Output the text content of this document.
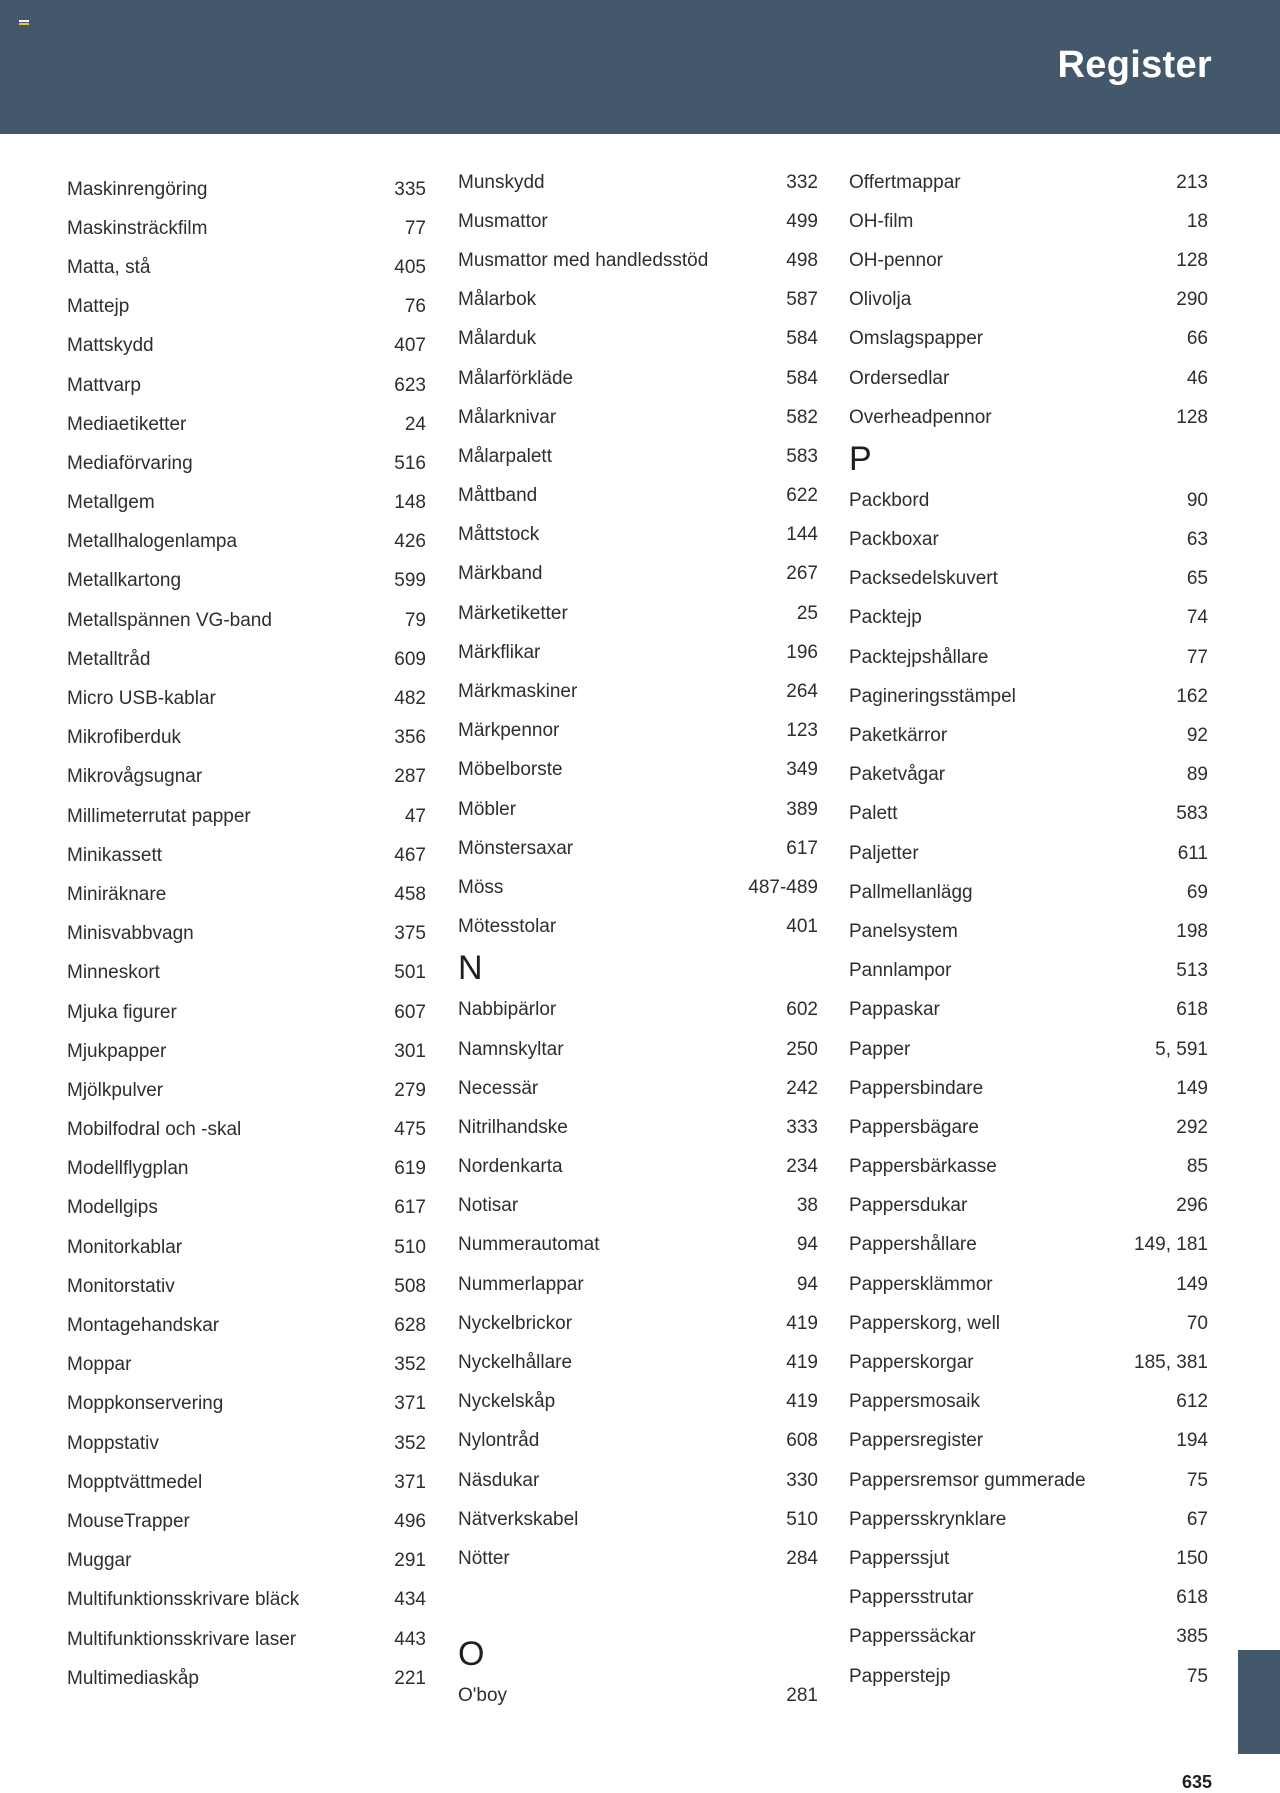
Register
Maskinrengöring	335
Maskinsträckfilm	77
Matta, stå	405
Mattejp	76
Mattskydd	407
Mattvarp	623
Mediaetiketter	24
Mediaförvaring	516
Metallgem	148
Metallhalogenlampa	426
Metallkartong	599
Metallspännen VG-band	79
Metalltråd	609
Micro USB-kablar	482
Mikrofiberduk	356
Mikrovågsugnar	287
Millimeterrutat papper	47
Minikassett	467
Miniräknare	458
Minisvabbvagn	375
Minneskort	501
Mjuka figurer	607
Mjukpapper	301
Mjölkpulver	279
Mobilfodral och -skal	475
Modellflygplan	619
Modellgips	617
Monitorkablar	510
Monitorstativ	508
Montagehandskar	628
Moppar	352
Moppkonservering	371
Moppstativ	352
Mopptvättmedel	371
MouseTrapper	496
Muggar	291
Multifunktionsskrivare bläck	434
Multifunktionsskrivare laser	443
Multimediaskåp	221
Munskydd	332
Musmattor	499
Musmattor med handledsstöd	498
Målarbok	587
Målarduk	584
Målarförkläde	584
Målarknivar	582
Målarpalett	583
Måttband	622
Måttstock	144
Märkband	267
Märketiketter	25
Märkflikar	196
Märkmaskiner	264
Märkpennor	123
Möbelborste	349
Möbler	389
Mönstersaxar	617
Möss	487-489
Mötesstolar	401
N
Nabbipärlor	602
Namnskyltar	250
Necessär	242
Nitrilhandske	333
Nordenkarta	234
Notisar	38
Nummerautomat	94
Nummerlappar	94
Nyckelbrickor	419
Nyckelhållare	419
Nyckelskåp	419
Nylontråd	608
Näsdukar	330
Nätverkskabel	510
Nötter	284
O
O'boy	281
Offertmappar	213
OH-film	18
OH-pennor	128
Olivolja	290
Omslagspapper	66
Ordersedlar	46
Overheadpennor	128
P
Packbord	90
Packboxar	63
Packsedelskuvert	65
Packtejp	74
Packtejpshållare	77
Pagineringsstämpel	162
Paketkärror	92
Paketvågar	89
Palett	583
Paljetter	611
Pallmellanlägg	69
Panelsystem	198
Pannlampor	513
Pappaskar	618
Papper	5, 591
Pappersbindare	149
Pappersbägare	292
Pappersbärkasse	85
Pappersdukar	296
Pappershållare	149, 181
Pappersklämmor	149
Papperskorg, well	70
Papperskorgar	185, 381
Pappersmosaik	612
Pappersregister	194
Pappersremsor gummerade	75
Pappersskrynklare	67
Papperssjut	150
Pappersstrutar	618
Papperssäckar	385
Papperstejp	75
635
